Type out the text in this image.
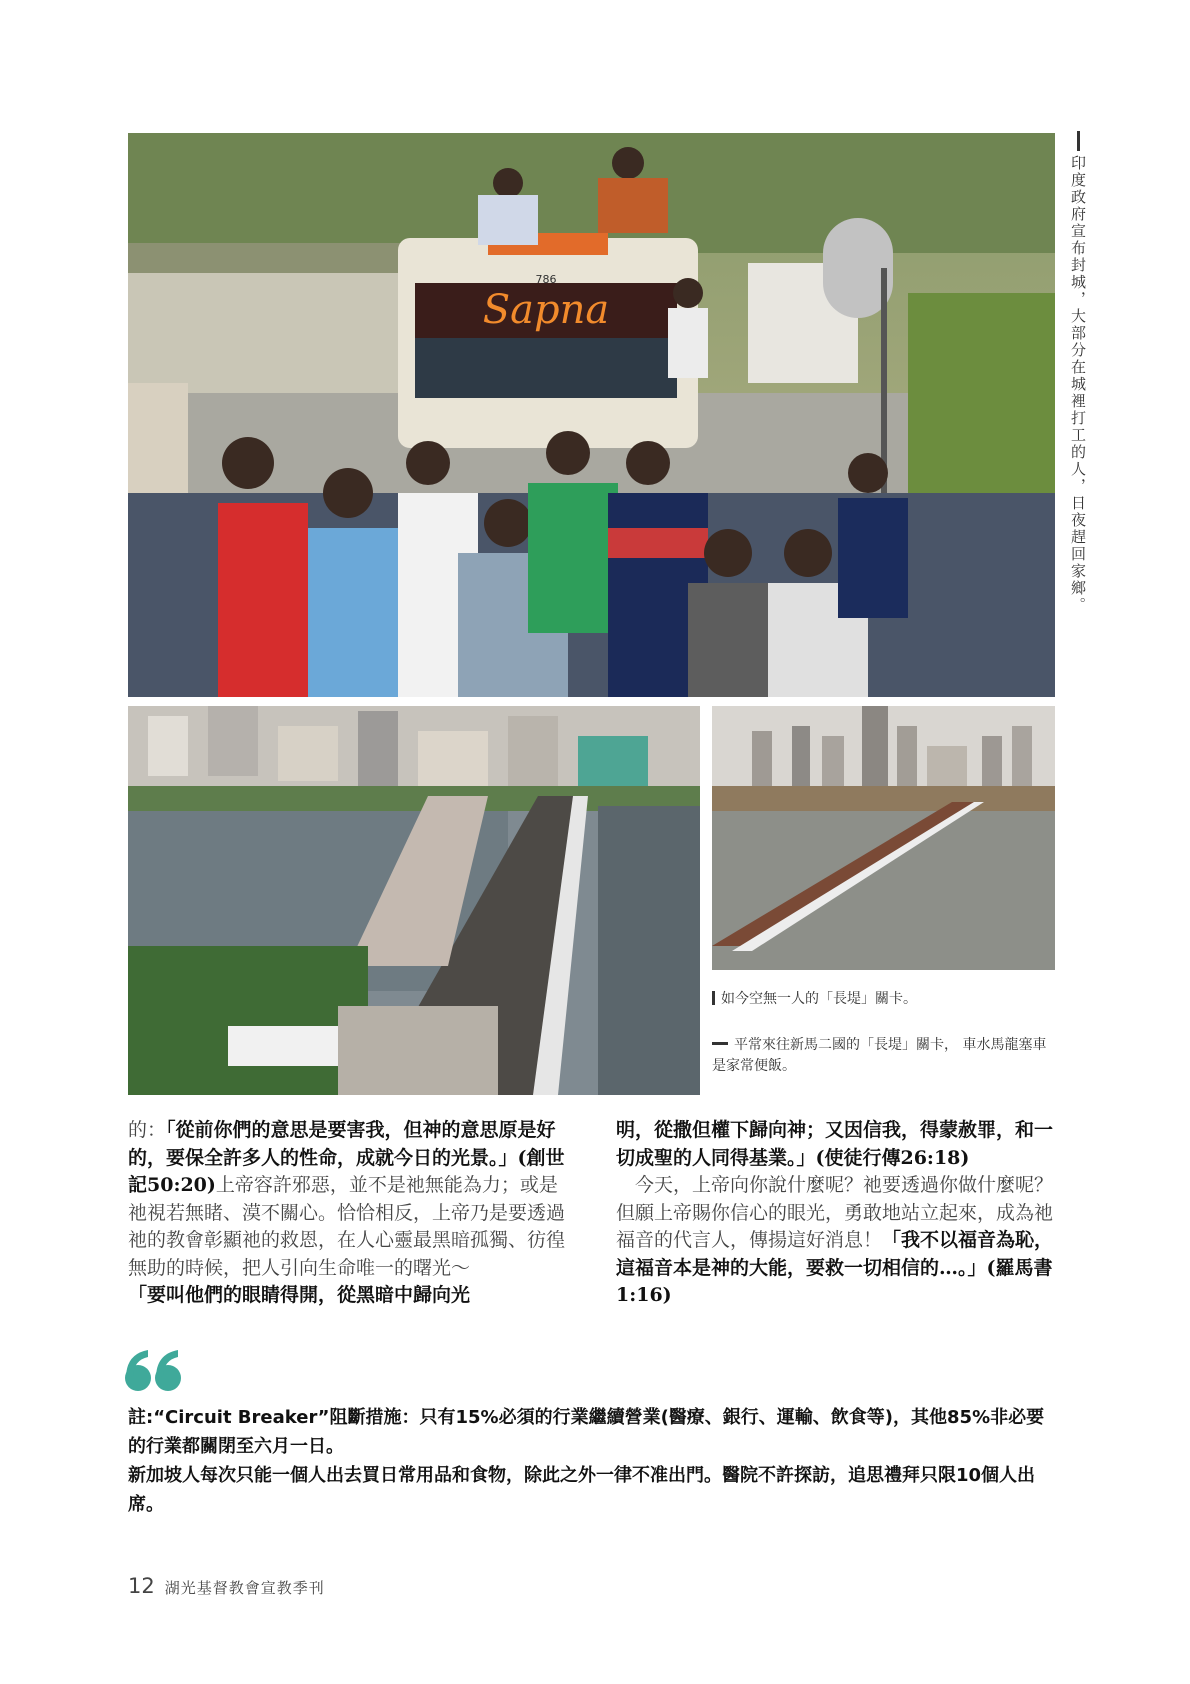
Sapna
786	印度政府宣布封城，大部分在城裡打工的人，日夜趕回家鄉。
如今空無一人的「長堤」關卡。
平常來往新馬二國的「長堤」關卡， 車水馬龍塞車是家常便飯。
的：「從前你們的意思是要害我，但神的意思原是好的，要保全許多人的性命，成就今日的光景。」(創世記50:20)上帝容許邪惡，並不是祂無能為力；或是祂視若無睹、漠不關心。恰恰相反，上帝乃是要透過祂的教會彰顯祂的救恩，在人心靈最黑暗孤獨、彷徨無助的時候，把人引向生命唯一的曙光～
「要叫他們的眼睛得開，從黑暗中歸向光
明，從撒但權下歸向神；又因信我，得蒙赦罪，和一切成聖的人同得基業。」(使徒行傳26:18)
今天，上帝向你說什麼呢？祂要透過你做什麼呢？但願上帝賜你信心的眼光，勇敢地站立起來，成為祂福音的代言人，傳揚這好消息！「我不以福音為恥，這福音本是神的大能，要救一切相信的…。」(羅馬書1:16)

註:“Circuit Breaker”阻斷措施：只有15%必須的行業繼續營業(醫療、銀行、運輸、飲食等)，其他85%非必要的行業都關閉至六月一日。

新加坡人每次只能一個人出去買日常用品和食物，除此之外一律不准出門。醫院不許探訪，追思禮拜只限10個人出席。

12 湖光基督教會宣教季刊
